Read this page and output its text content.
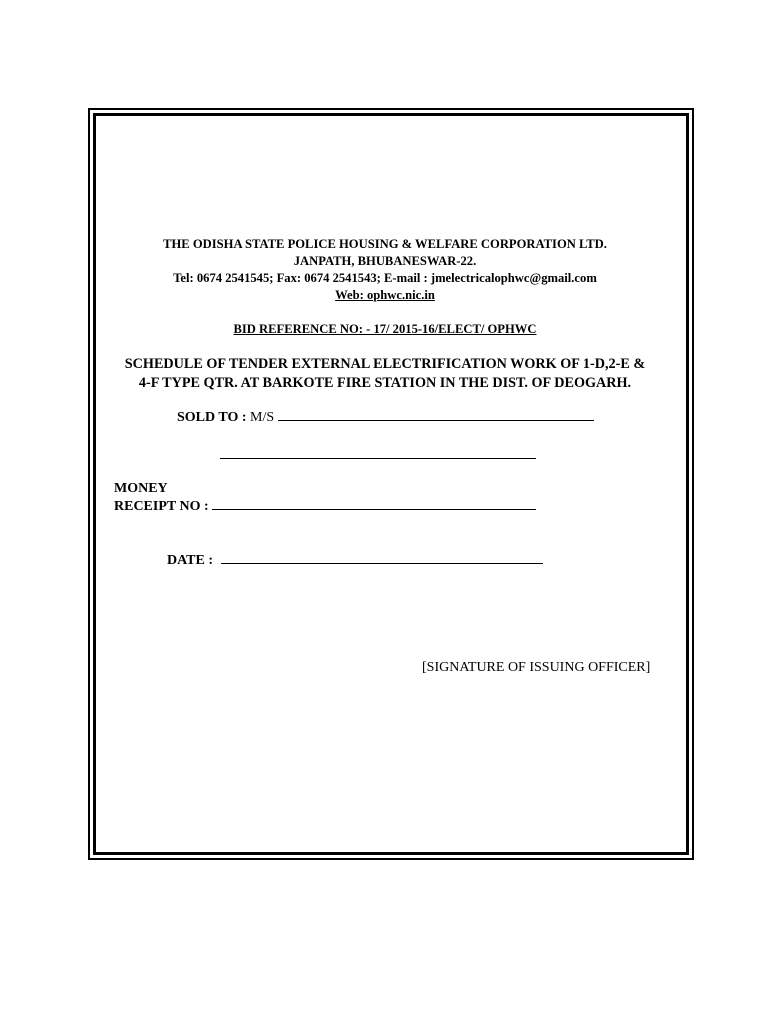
THE ODISHA STATE POLICE HOUSING & WELFARE CORPORATION LTD.
JANPATH, BHUBANESWAR-22.
Tel: 0674 2541545; Fax: 0674 2541543; E-mail : jmelectricalophwc@gmail.com
Web: ophwc.nic.in
BID REFERENCE NO: - 17/ 2015-16/ELECT/ OPHWC
SCHEDULE OF TENDER EXTERNAL ELECTRIFICATION WORK OF 1-D,2-E &
4-F TYPE QTR. AT BARKOTE FIRE STATION IN THE DIST. OF DEOGARH.
SOLD TO : M/S
MONEY
RECEIPT NO :
DATE :
[SIGNATURE OF ISSUING OFFICER]
